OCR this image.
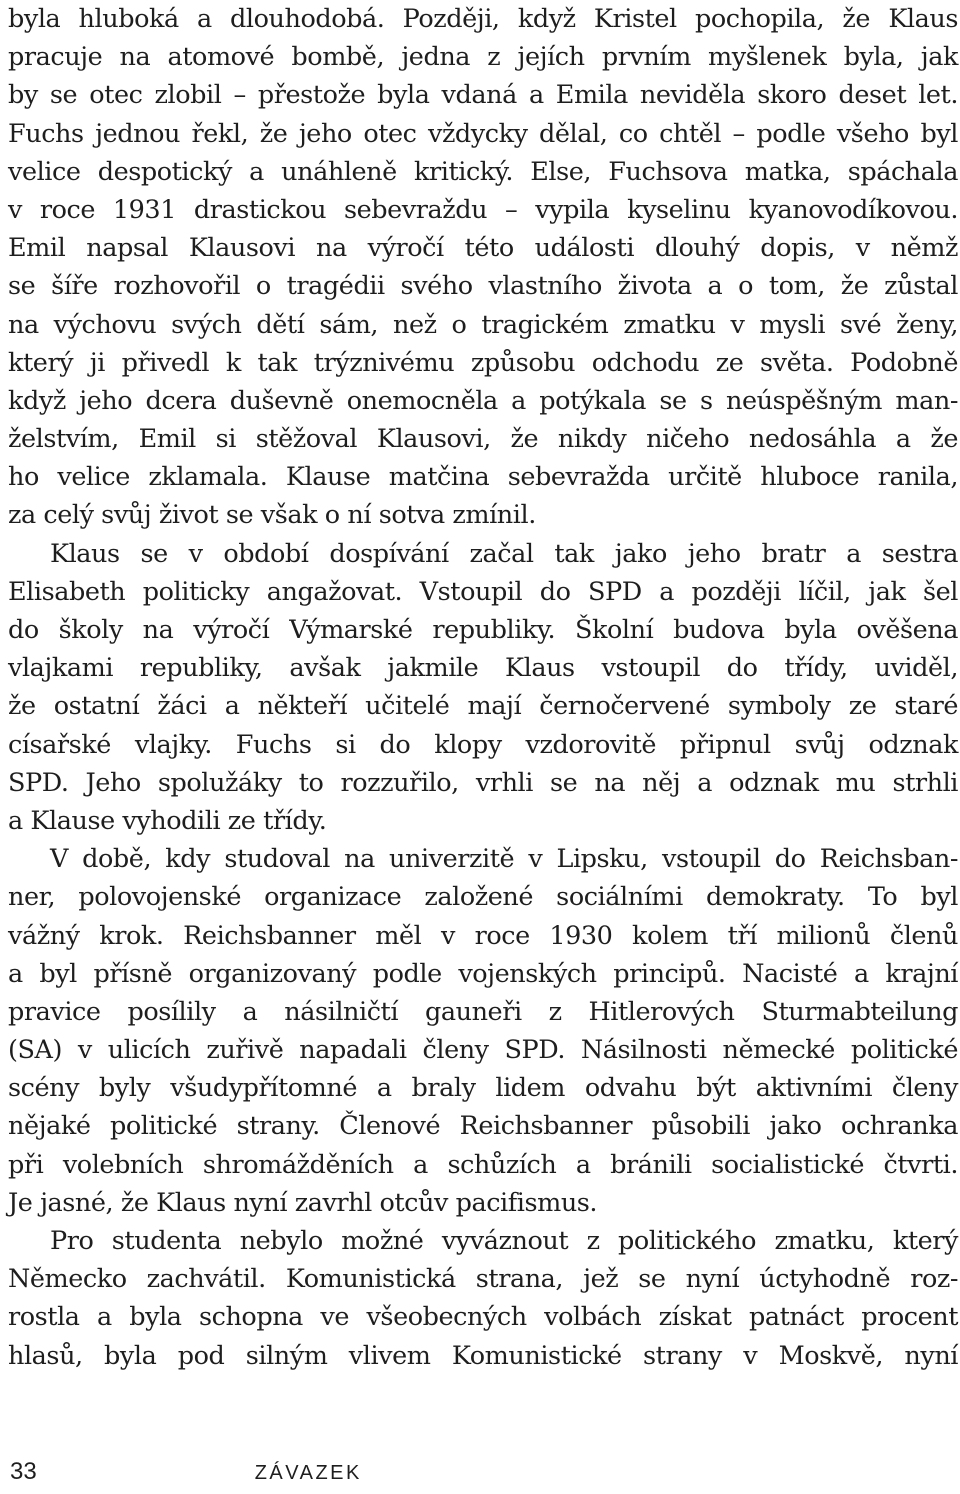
byla hluboká a dlouhodobá. Později, když Kristel pochopila, že Klaus
pracuje na atomové bombě, jedna z jejích prvním myšlenek byla, jak
by se otec zlobil – přestože byla vdaná a Emila neviděla skoro deset let.
Fuchs jednou řekl, že jeho otec vždycky dělal, co chtěl – podle všeho byl
velice despotický a unáhleně kritický. Else, Fuchsova matka, spáchala
v roce 1931 drastickou sebevraždu – vypila kyselinu kyanovodíkovou.
Emil napsal Klausovi na výročí této události dlouhý dopis, v němž
se šíře rozhovořil o tragédii svého vlastního života a o tom, že zůstal
na výchovu svých dětí sám, než o tragickém zmatku v mysli své ženy,
který ji přivedl k tak trýznivému způsobu odchodu ze světa. Podobně
když jeho dcera duševně onemocněla a potýkala se s neúspěšným man-
želstvím, Emil si stěžoval Klausovi, že nikdy ničeho nedosáhla a že
ho velice zklamala. Klause matčina sebevražda určitě hluboce ranila,
za celý svůj život se však o ní sotva zmínil.
Klaus se v období dospívání začal tak jako jeho bratr a sestra
Elisabeth politicky angažovat. Vstoupil do SPD a později líčil, jak šel
do školy na výročí Výmarské republiky. Školní budova byla ověšena
vlajkami republiky, avšak jakmile Klaus vstoupil do třídy, uviděl,
že ostatní žáci a někteří učitelé mají černočervené symboly ze staré
císařské vlajky. Fuchs si do klopy vzdorovitě připnul svůj odznak
SPD. Jeho spolužáky to rozzuřilo, vrhli se na něj a odznak mu strhli
a Klause vyhodili ze třídy.
V době, kdy studoval na univerzitě v Lipsku, vstoupil do Reichsban-
ner, polovojenské organizace založené sociálními demokraty. To byl
vážný krok. Reichsbanner měl v roce 1930 kolem tří milionů členů
a byl přísně organizovaný podle vojenských principů. Nacisté a krajní
pravice posílily a násilničtí gauneři z Hitlerových Sturmabteilung
(SA) v ulicích zuřivě napadali členy SPD. Násilnosti německé politické
scény byly všudypřítomné a braly lidem odvahu být aktivními členy
nějaké politické strany. Členové Reichsbanner působili jako ochranka
při volebních shromážděních a schůzích a bránili socialistické čtvrti.
Je jasné, že Klaus nyní zavrhl otcův pacifismus.
Pro studenta nebylo možné vyváznout z politického zmatku, který
Německo zachvátil. Komunistická strana, jež se nyní úctyhodně roz-
rostla a byla schopna ve všeobecných volbách získat patnáct procent
hlasů, byla pod silným vlivem Komunistické strany v Moskvě, nyní
33	ZÁVAZEK
